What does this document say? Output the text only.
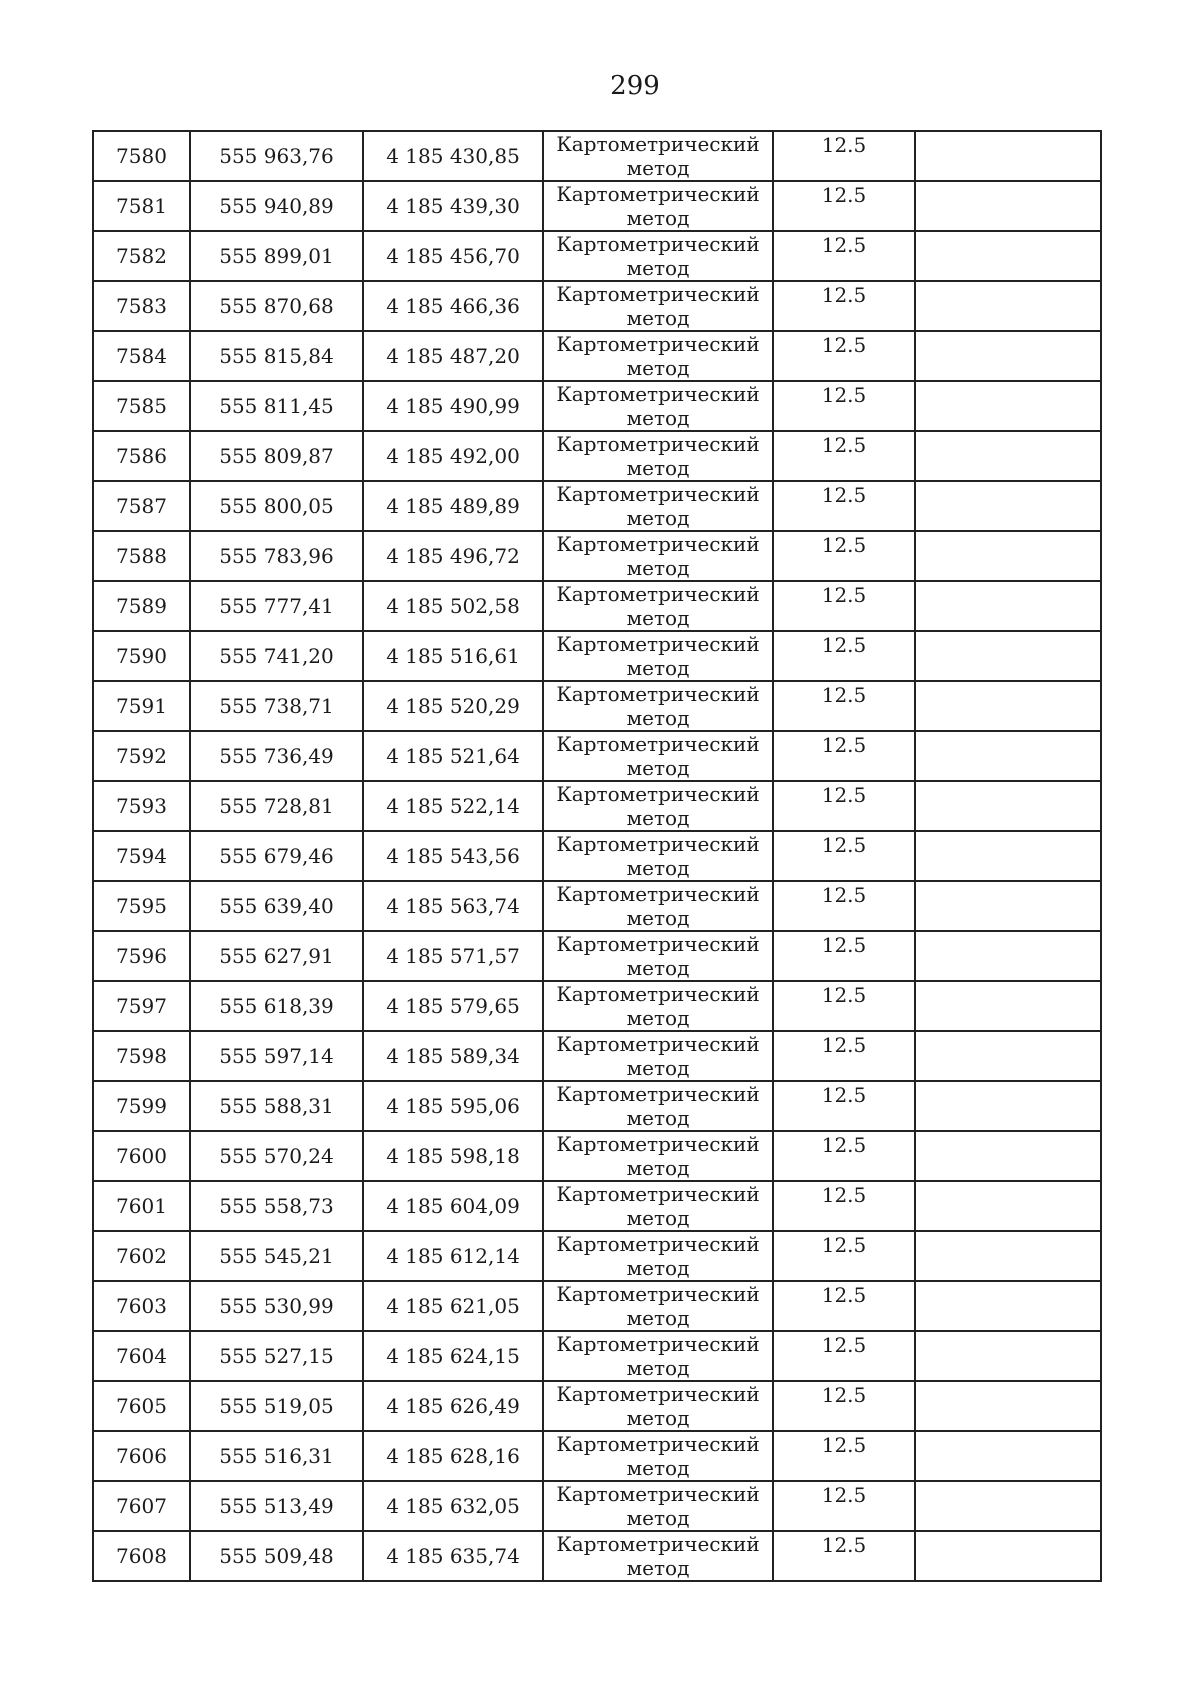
299
7580	555 963,76	4 185 430,85	Картометрический
метод	12.5	
7581	555 940,89	4 185 439,30	Картометрический
метод	12.5	
7582	555 899,01	4 185 456,70	Картометрический
метод	12.5	
7583	555 870,68	4 185 466,36	Картометрический
метод	12.5	
7584	555 815,84	4 185 487,20	Картометрический
метод	12.5	
7585	555 811,45	4 185 490,99	Картометрический
метод	12.5	
7586	555 809,87	4 185 492,00	Картометрический
метод	12.5	
7587	555 800,05	4 185 489,89	Картометрический
метод	12.5	
7588	555 783,96	4 185 496,72	Картометрический
метод	12.5	
7589	555 777,41	4 185 502,58	Картометрический
метод	12.5	
7590	555 741,20	4 185 516,61	Картометрический
метод	12.5	
7591	555 738,71	4 185 520,29	Картометрический
метод	12.5	
7592	555 736,49	4 185 521,64	Картометрический
метод	12.5	
7593	555 728,81	4 185 522,14	Картометрический
метод	12.5	
7594	555 679,46	4 185 543,56	Картометрический
метод	12.5	
7595	555 639,40	4 185 563,74	Картометрический
метод	12.5	
7596	555 627,91	4 185 571,57	Картометрический
метод	12.5	
7597	555 618,39	4 185 579,65	Картометрический
метод	12.5	
7598	555 597,14	4 185 589,34	Картометрический
метод	12.5	
7599	555 588,31	4 185 595,06	Картометрический
метод	12.5	
7600	555 570,24	4 185 598,18	Картометрический
метод	12.5	
7601	555 558,73	4 185 604,09	Картометрический
метод	12.5	
7602	555 545,21	4 185 612,14	Картометрический
метод	12.5	
7603	555 530,99	4 185 621,05	Картометрический
метод	12.5	
7604	555 527,15	4 185 624,15	Картометрический
метод	12.5	
7605	555 519,05	4 185 626,49	Картометрический
метод	12.5	
7606	555 516,31	4 185 628,16	Картометрический
метод	12.5	
7607	555 513,49	4 185 632,05	Картометрический
метод	12.5	
7608	555 509,48	4 185 635,74	Картометрический
метод	12.5	
